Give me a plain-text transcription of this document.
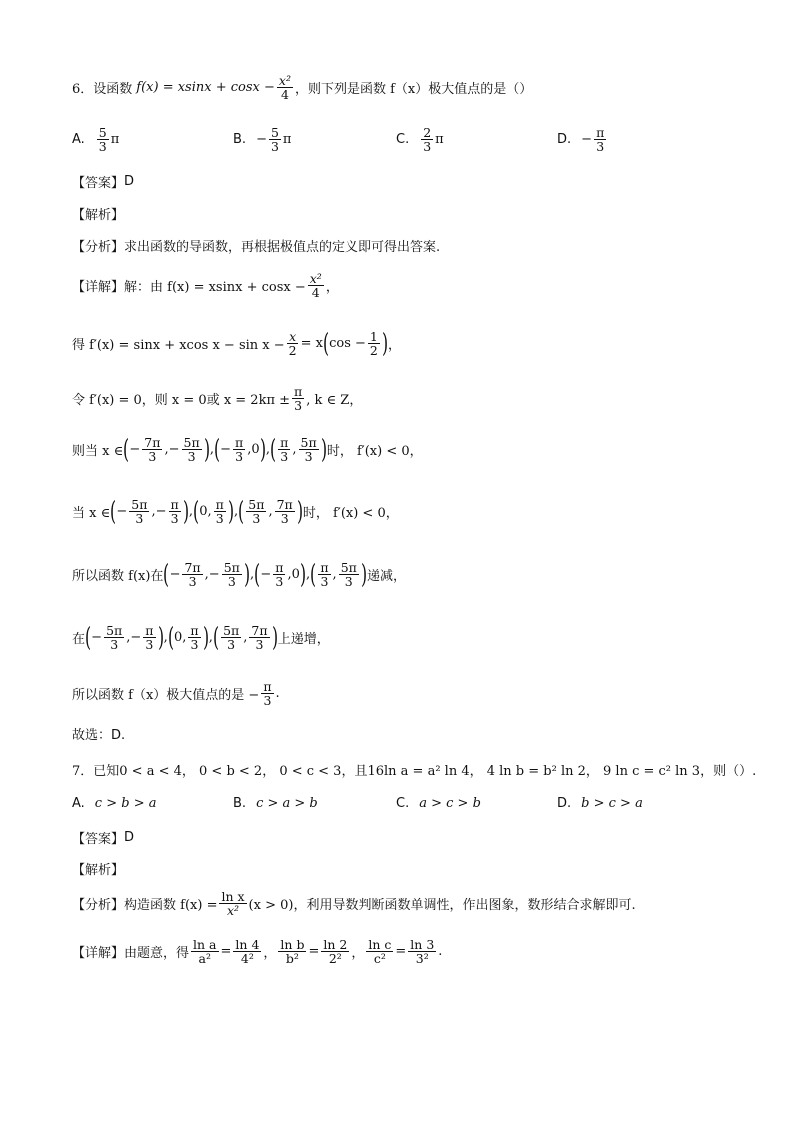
6．设函数 $f(x) = xsinx + \cos x - \frac{\text{x²}}{4}$ ，则下列是函数 f（x）极大值点的是（）
A. $\frac{5}{3}$ π	B. − $\frac{5}{3}$ π	C. $\frac{2}{3}$ π	D. − $\frac{\pi}{3}$
【答案】 D
【解析】
【分析】 求出函数的导函数，再根据极值点的定义即可得出答案.
【详解】 解：由 $f(x) = xsinx + \cos x - \frac{\text{x²}}{4}$ ，
得 f′(x) = sinx + xcos $x - \sin x - \frac{x}{2} = x$ ( $\cos - \frac{1}{2}$ ) ，
令 f′(x) = 0，则 x = 0或 $x = 2k\pi \pm \frac{\pi}{3}$ , k ∈ Z，
则当 x ∈ ( − $\frac{7\pi}{3}$ , − $\frac{5\pi}{3}$ ) , ( − $\frac{\pi}{3}$ , 0 ) , ( $\frac{\pi}{3}$ , $\frac{5\pi}{3}$ ) 时， f′(x) < 0，
当 x ∈ ( − $\frac{5\pi}{3}$ , − $\frac{\pi}{3}$ ) , ( 0 , $\frac{\pi}{3}$ ) , ( $\frac{5\pi}{3}$ , $\frac{7\pi}{3}$ ) 时， f′(x) < 0，
所以函数 f(x)在 ( − $\frac{7\pi}{3}$ , − $\frac{5\pi}{3}$ ) , ( − $\frac{\pi}{3}$ , 0 ) , ( $\frac{\pi}{3}$ , $\frac{5\pi}{3}$ ) 递减，
在 ( − $\frac{5\pi}{3}$ , − $\frac{\pi}{3}$ ) , ( 0 , $\frac{\pi}{3}$ ) , ( $\frac{5\pi}{3}$ , $\frac{7\pi}{3}$ ) 上递增，
所以函数 f（x）极大值点的是 − $\frac{\pi}{3}$ .
故选：D.
7．已知0 < a < 4， 0 < b < 2， 0 < c < 3，且16ln a = a² ln 4， 4 ln b = b² ln 2， 9 ln c = c² ln 3，则（）.
A. c > b > a	B. c > a > b	C. a > c > b	D. b > c > a
【答案】 D
【解析】
【分析】 构造函数 $f(x) = \frac{\text{ln x}}{\text{x²}} (x > 0)$，利用导数判断函数单调性，作出图象，数形结合求解即可.
【详解】 由题意，得 $\frac{\text{ln a}}{\text{a²}} = \frac{\ln 4}{\text{4²}}$ ， $\frac{\text{ln b}}{\text{b²}} = \frac{\ln 2}{\text{2²}}$ ， $\frac{\text{ln c}}{\text{c²}} = \frac{\ln 3}{\text{3²}}$ .
